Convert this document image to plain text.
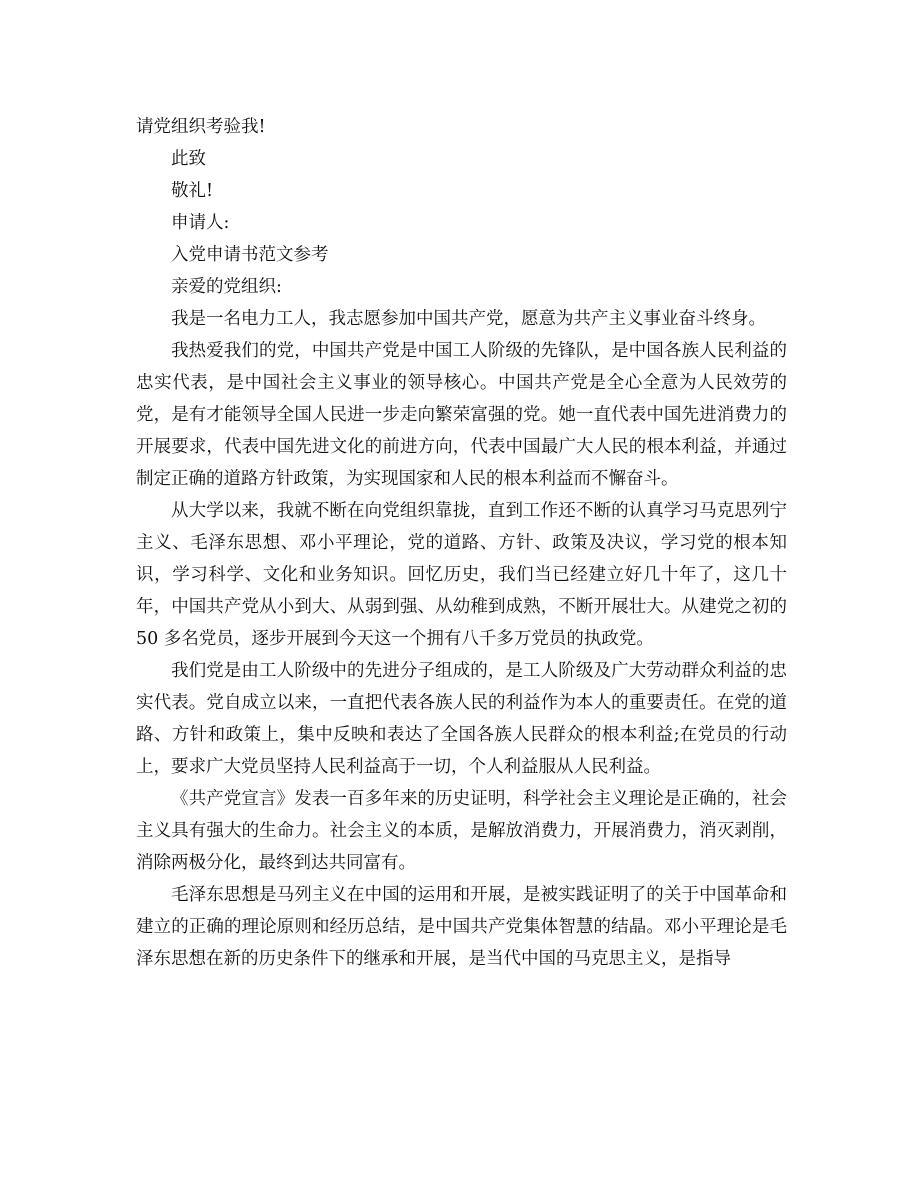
请党组织考验我!

此致

敬礼!

申请人:

入党申请书范文参考

亲爱的党组织:

我是一名电力工人，我志愿参加中国共产党，愿意为共产主义事业奋斗终身。

我热爱我们的党，中国共产党是中国工人阶级的先锋队，是中国各族人民利益的忠实代表，是中国社会主义事业的领导核心。中国共产党是全心全意为人民效劳的党，是有才能领导全国人民进一步走向繁荣富强的党。她一直代表中国先进消费力的开展要求，代表中国先进文化的前进方向，代表中国最广大人民的根本利益，并通过制定正确的道路方针政策，为实现国家和人民的根本利益而不懈奋斗。

从大学以来，我就不断在向党组织靠拢，直到工作还不断的认真学习马克思列宁主义、毛泽东思想、邓小平理论，党的道路、方针、政策及决议，学习党的根本知识，学习科学、文化和业务知识。回忆历史，我们当已经建立好几十年了，这几十年，中国共产党从小到大、从弱到强、从幼稚到成熟，不断开展壮大。从建党之初的 50 多名党员，逐步开展到今天这一个拥有八千多万党员的执政党。

我们党是由工人阶级中的先进分子组成的，是工人阶级及广大劳动群众利益的忠实代表。党自成立以来，一直把代表各族人民的利益作为本人的重要责任。在党的道路、方针和政策上，集中反映和表达了全国各族人民群众的根本利益;在党员的行动上，要求广大党员坚持人民利益高于一切，个人利益服从人民利益。

《共产党宣言》发表一百多年来的历史证明，科学社会主义理论是正确的，社会主义具有强大的生命力。社会主义的本质，是解放消费力，开展消费力，消灭剥削，消除两极分化，最终到达共同富有。

毛泽东思想是马列主义在中国的运用和开展，是被实践证明了的关于中国革命和建立的正确的理论原则和经历总结，是中国共产党集体智慧的结晶。邓小平理论是毛泽东思想在新的历史条件下的继承和开展，是当代中国的马克思主义，是指导
